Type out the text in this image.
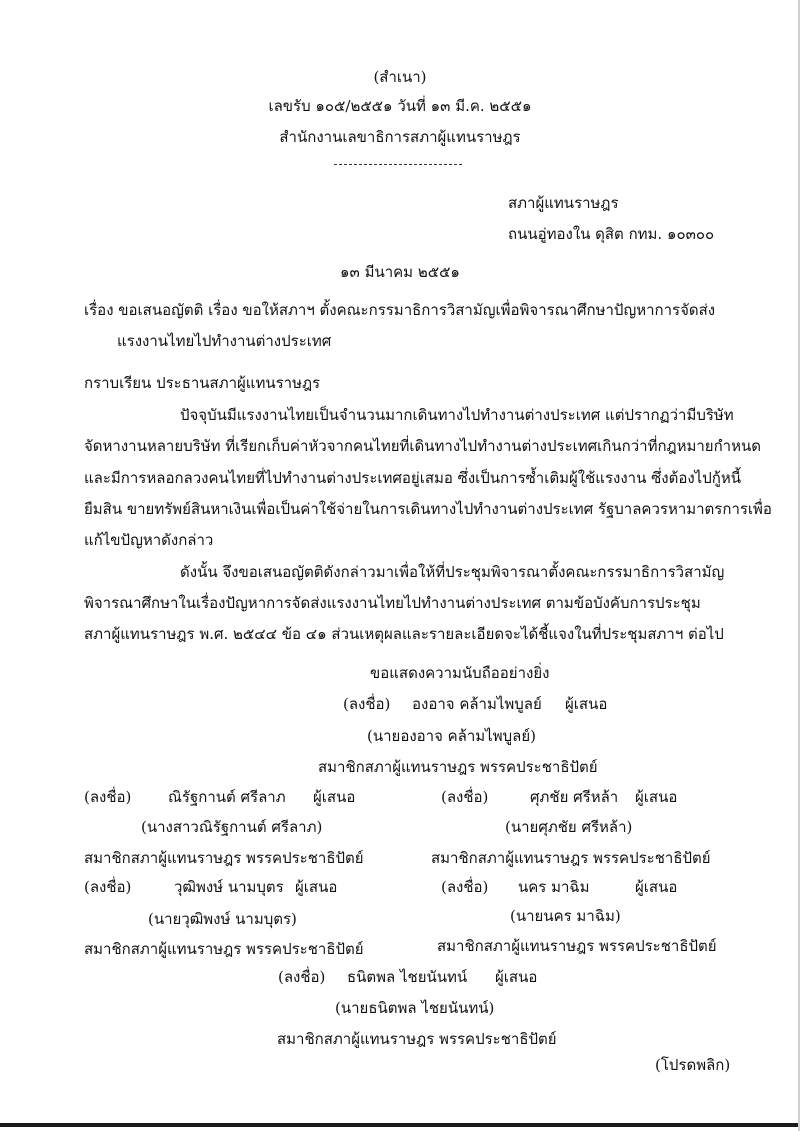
(สำเนา)
เลขรับ ๑๐๕/๒๕๕๑ วันที่ ๑๓ มี.ค. ๒๕๕๑
สำนักงานเลขาธิการสภาผู้แทนราษฎร
สภาผู้แทนราษฎร
ถนนอู่ทองใน ดุสิต กทม. ๑๐๓๐๐
๑๓ มีนาคม ๒๕๕๑
เรื่อง ขอเสนอญัตติ เรื่อง ขอให้สภาฯ ตั้งคณะกรรมาธิการวิสามัญเพื่อพิจารณาศึกษาปัญหาการจัดส่ง
แรงงานไทยไปทำงานต่างประเทศ
กราบเรียน ประธานสภาผู้แทนราษฎร
ปัจจุบันมีแรงงานไทยเป็นจำนวนมากเดินทางไปทำงานต่างประเทศ แต่ปรากฏว่ามีบริษัท
จัดหางานหลายบริษัท ที่เรียกเก็บค่าหัวจากคนไทยที่เดินทางไปทำงานต่างประเทศเกินกว่าที่กฎหมายกำหนด
และมีการหลอกลวงคนไทยที่ไปทำงานต่างประเทศอยู่เสมอ ซึ่งเป็นการซ้ำเติมผู้ใช้แรงงาน ซึ่งต้องไปกู้หนี้
ยืมสิน ขายทรัพย์สินหาเงินเพื่อเป็นค่าใช้จ่ายในการเดินทางไปทำงานต่างประเทศ รัฐบาลควรหามาตรการเพื่อ
แก้ไขปัญหาดังกล่าว
ดังนั้น จึงขอเสนอญัตติดังกล่าวมาเพื่อให้ที่ประชุมพิจารณาตั้งคณะกรรมาธิการวิสามัญ
พิจารณาศึกษาในเรื่องปัญหาการจัดส่งแรงงานไทยไปทำงานต่างประเทศ ตามข้อบังคับการประชุม
สภาผู้แทนราษฎร พ.ศ. ๒๕๔๔ ข้อ ๔๑ ส่วนเหตุผลและรายละเอียดจะได้ชี้แจงในที่ประชุมสภาฯ ต่อไป
ขอแสดงความนับถืออย่างยิ่ง
(ลงชื่อ) องอาจ คล้ามไพบูลย์ ผู้เสนอ
(นายองอาจ คล้ามไพบูลย์)
สมาชิกสภาผู้แทนราษฎร พรรคประชาธิปัตย์
(ลงชื่อ) ณิรัฐกานต์ ศรีลาภ ผู้เสนอ
(นางสาวณิรัฐกานต์ ศรีลาภ)
สมาชิกสภาผู้แทนราษฎร พรรคประชาธิปัตย์
(ลงชื่อ)	ศุภชัย ศรีหล้า ผู้เสนอ
(นายศุภชัย ศรีหล้า)
สมาชิกสภาผู้แทนราษฎร พรรคประชาธิปัตย์
(ลงชื่อ)	วุฒิพงษ์ นามบุตร ผู้เสนอ
(นายวุฒิพงษ์ นามบุตร)
สมาชิกสภาผู้แทนราษฎร พรรคประชาธิปัตย์
(ลงชื่อ) นคร มาฉิม	ผู้เสนอ
(นายนคร มาฉิม)
สมาชิกสภาผู้แทนราษฎร พรรคประชาธิปัตย์
(ลงชื่อ) ธนิตพล ไชยนันทน์ ผู้เสนอ
(นายธนิตพล ไชยนันทน์)
สมาชิกสภาผู้แทนราษฎร พรรคประชาธิปัตย์
(โปรดพลิก)
